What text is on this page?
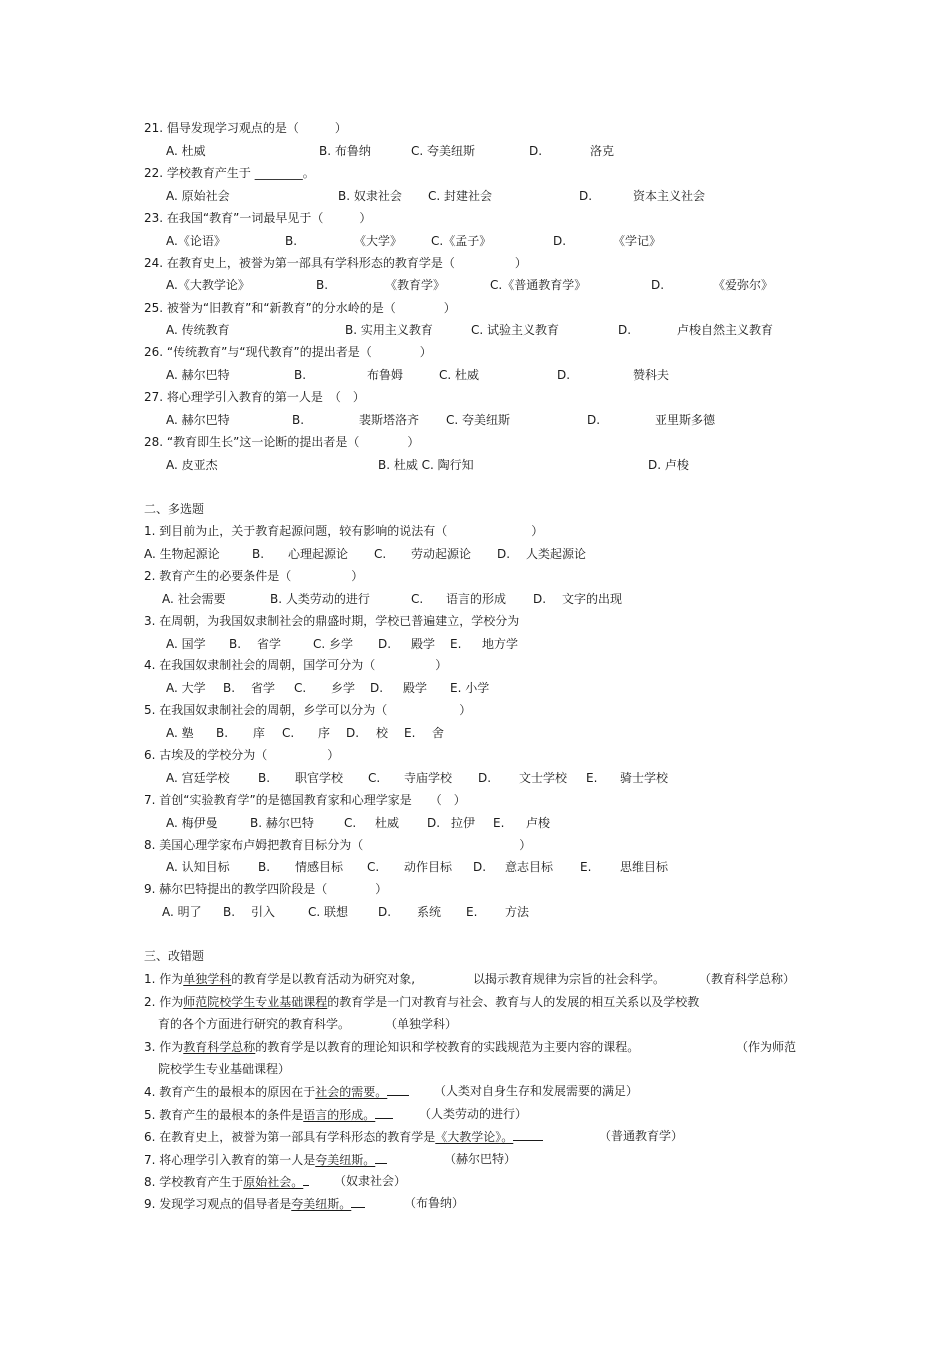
21. 倡导发现学习观点的是（　　　）
A. 杜威	B. 布鲁纳	C. 夸美纽斯	D.	洛克
22. 学校教育产生于 ________。
A. 原始社会	B. 奴隶社会 C. 封建社会	D.	资本主义社会
23. 在我国“教育”一词最早见于（　　　）
A.《论语》	B.	《大学》 C.《孟子》	D.	《学记》
24. 在教育史上，被誉为第一部具有学科形态的教育学是（　　　　　）
A.《大教学论》	B.	《教育学》	C.《普通教育学》	D.	《爱弥尔》
25. 被誉为“旧教育”和“新教育”的分水岭的是（　　　　）
A. 传统教育	B. 实用主义教育	C. 试验主义教育	D.	卢梭自然主义教育
26. “传统教育”与“现代教育”的提出者是（　　　　）
A. 赫尔巴特	B.	布鲁姆	C. 杜威	D.	赞科夫
27. 将心理学引入教育的第一人是　（　）
A. 赫尔巴特	B.	裴斯塔洛齐 C. 夸美纽斯	D.	亚里斯多德
28. “教育即生长”这一论断的提出者是（　　　　）
A. 皮亚杰	B. 杜威 C. 陶行知	D. 卢梭
二、多选题
1. 到目前为止，关于教育起源问题，较有影响的说法有（　　　　　　　）
A. 生物起源论	B. 心理起源论 C. 劳动起源论 D. 人类起源论
2. 教育产生的必要条件是（　　　　　）
A. 社会需要	B. 人类劳动的进行	C. 语言的形成 D. 文字的出现
3. 在周朝，为我国奴隶制社会的鼎盛时期，学校已普遍建立，学校分为
A. 国学 B. 省学	C. 乡学 D. 殿学 E. 地方学
4. 在我国奴隶制社会的周朝，国学可分为（　　　　　）
A. 大学 B. 省学 C. 乡学 D. 殿学 E. 小学
5. 在我国奴隶制社会的周朝，乡学可以分为（　　　　　　）
A. 塾 B. 庠 C. 序 D. 校 E. 舍
6. 古埃及的学校分为（　　　　　）
A. 宫廷学校 B. 职官学校 C. 寺庙学校 D. 文士学校 E. 骑士学校
7. 首创“实验教育学”的是德国教育家和心理学家是　　（　）
A. 梅伊曼	B. 赫尔巴特	C. 杜威 D. 拉伊 E. 卢梭
8. 美国心理学家布卢姆把教育目标分为（　　　　　　　　　　　　　）
A. 认知目标 B. 情感目标 C. 动作目标 D. 意志目标 E. 思维目标
9. 赫尔巴特提出的教学四阶段是（　　　　）
A. 明了 B. 引入	C. 联想 D. 系统 E. 方法
三、改错题
1. 作为单独学科的教育学是以教育活动为研究对象,	以揭示教育规律为宗旨的社会科学。	（教育科学总称）
2. 作为师范院校学生专业基础课程的教育学是一门对教育与社会、教育与人的发展的相互关系以及学校教
育的各个方面进行研究的教育科学。	（单独学科）
3. 作为教育科学总称的教育学是以教育的理论知识和学校教育的实践规范为主要内容的课程。	（作为师范
院校学生专业基础课程）
4. 教育产生的最根本的原因在于社会的需要。	（人类对自身生存和发展需要的满足）
5. 教育产生的最根本的条件是语言的形成。	（人类劳动的进行）
6. 在教育史上，被誉为第一部具有学科形态的教育学是《大教学论》。	（普通教育学）
7. 将心理学引入教育的第一人是夸美纽斯。	（赫尔巴特）
8. 学校教育产生于原始社会。	（奴隶社会）
9. 发现学习观点的倡导者是夸美纽斯。	（布鲁纳）
